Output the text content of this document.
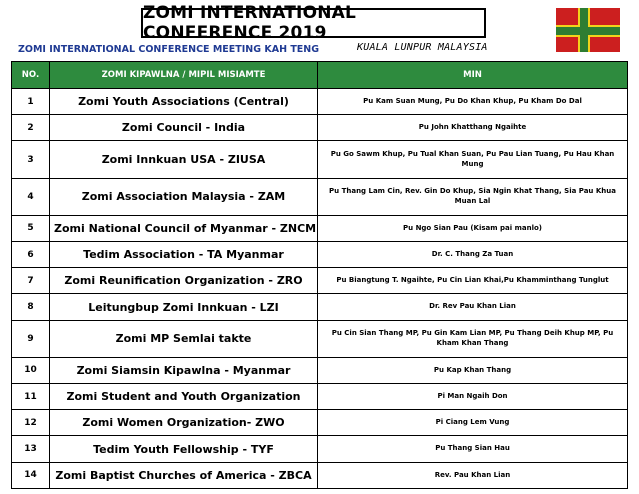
ZOMI INTERNATIONAL CONFERENCE 2019
ZOMI INTERNATIONAL CONFERENCE MEETING KAH TENG	KUALA LUNPUR MALAYSIA
NO.	ZOMI KIPAWLNA / MIPIL MISIAMTE	MIN
1	Zomi Youth Associations (Central)	Pu Kam Suan Mung, Pu Do Khan Khup, Pu Kham Do Dal
2	Zomi Council - India	Pu John Khatthang Ngaihte
3	Zomi Innkuan USA - ZIUSA	Pu Go Sawm Khup, Pu Tual Khan Suan, Pu Pau Lian Tuang, Pu Hau Khan Mung
4	Zomi Association Malaysia - ZAM	Pu Thang Lam Cin, Rev. Gin Do Khup, Sia Ngin Khat Thang, Sia Pau Khua Muan Lal
5	Zomi National Council of Myanmar - ZNCM	Pu Ngo Sian Pau (Kisam pai manlo)
6	Tedim Association - TA Myanmar	Dr. C. Thang Za Tuan
7	Zomi Reunification Organization - ZRO	Pu Biangtung T. Ngaihte, Pu Cin Lian Khai,Pu Khamminthang Tunglut
8	Leitungbup Zomi Innkuan - LZI	Dr. Rev Pau Khan Lian
9	Zomi MP Semlai takte	Pu Cin Sian Thang MP, Pu Gin Kam Lian MP, Pu Thang Deih Khup MP, Pu Kham Khan Thang
10	Zomi Siamsin Kipawlna - Myanmar	Pu Kap Khan Thang
11	Zomi Student and Youth Organization	Pi Man Ngaih Don
12	Zomi Women Organization- ZWO	Pi Ciang Lem Vung
13	Tedim Youth Fellowship - TYF	Pu Thang Sian Hau
14	Zomi Baptist Churches of America - ZBCA	Rev. Pau Khan Lian
